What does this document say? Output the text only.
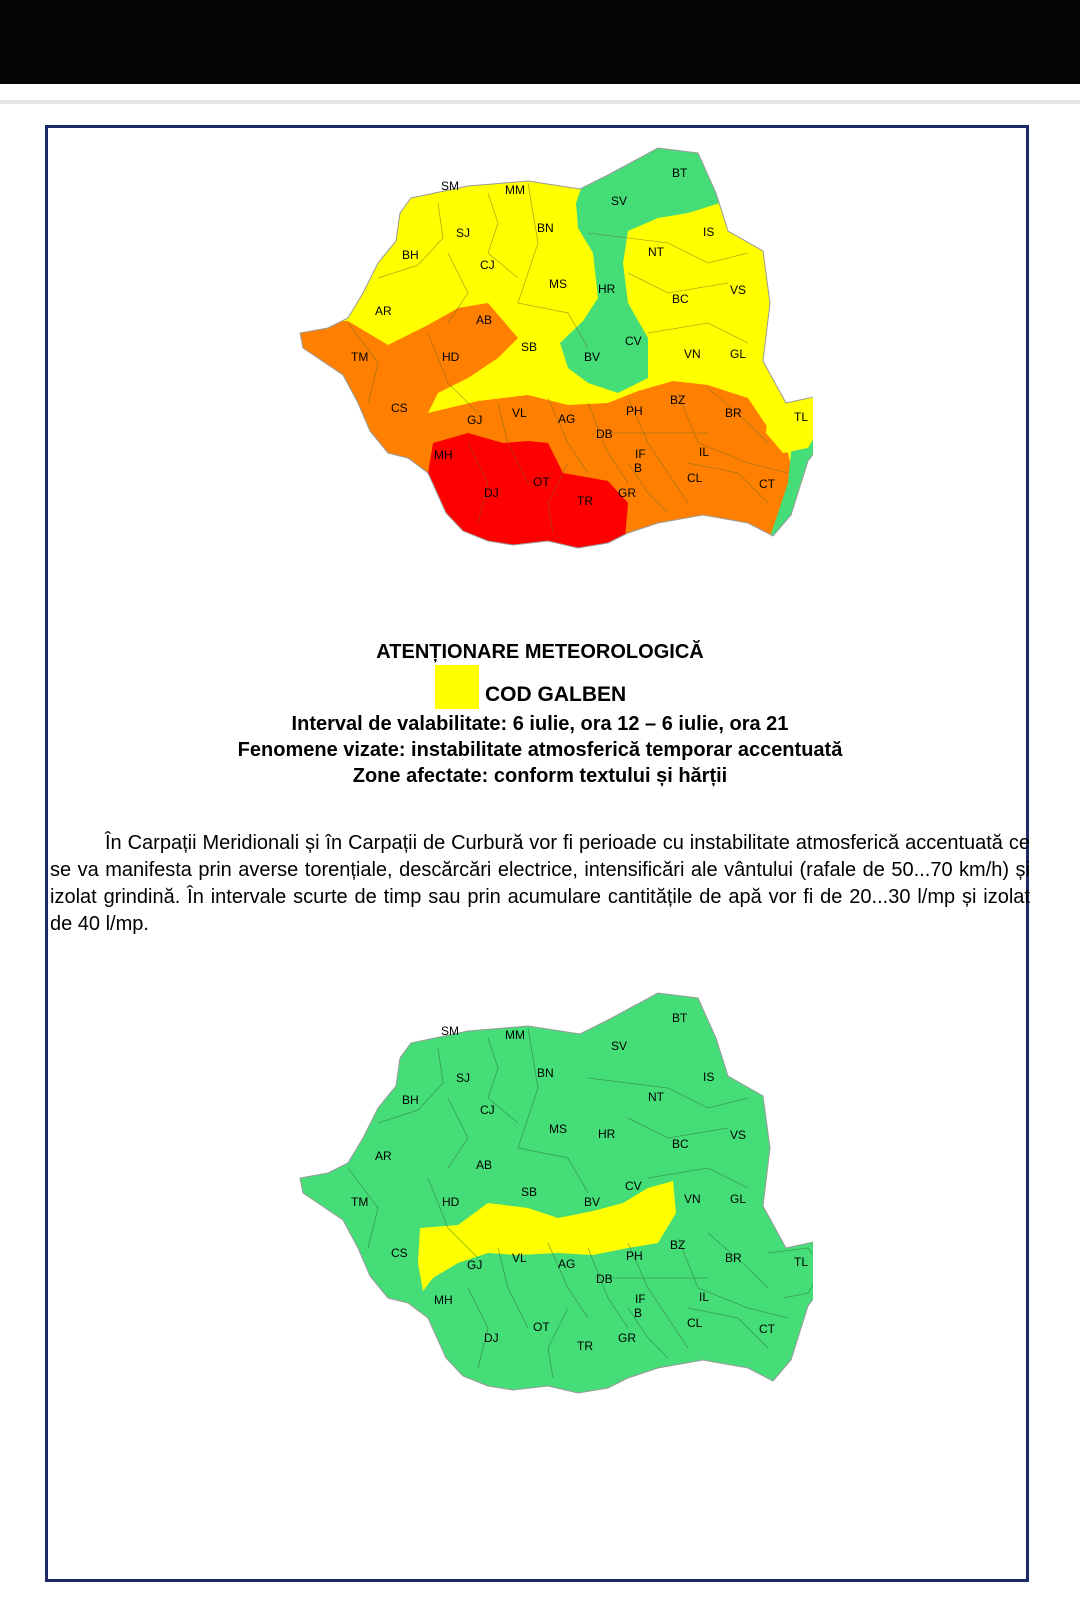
SM	MM
BT
SV
SJ	BN	IS
NT
BH
CJ
MS	HR
BC
VS
AR
AB
SB	CV
BV	VN GL
TM	HD
CS
GJ VL	AG
PH
BZ
BR	TL
DB
IF
B
IL
MH
CL	CT
DJ
OT
TR
GR
ATENȚIONARE METEOROLOGICĂ
COD GALBEN
Interval de valabilitate: 6 iulie, ora 12 – 6 iulie, ora 21
Fenomene vizate: instabilitate atmosferică temporar accentuată
Zone afectate: conform textului și hărții
În Carpații Meridionali și în Carpații de Curbură vor fi perioade cu instabilitate atmosferică accentuată ce se va manifesta prin averse torențiale, descărcări electrice, intensificări ale vântului (rafale de 50...70 km/h) și izolat grindină. În intervale scurte de timp sau prin acumulare cantitățile de apă vor fi de 20...30 l/mp și izolat de 40 l/mp.
SM	MM
BT
SV
SJ	BN	IS
NT
BH
CJ
MS	HR
BC
VS
AR
AB
SB	CV
BV	VN GL
TM	HD
CS
GJ VL	AG
PH
BZ
BR	TL
DB
IF
B
IL
MH
CL	CT
DJ
OT
TR
GR
